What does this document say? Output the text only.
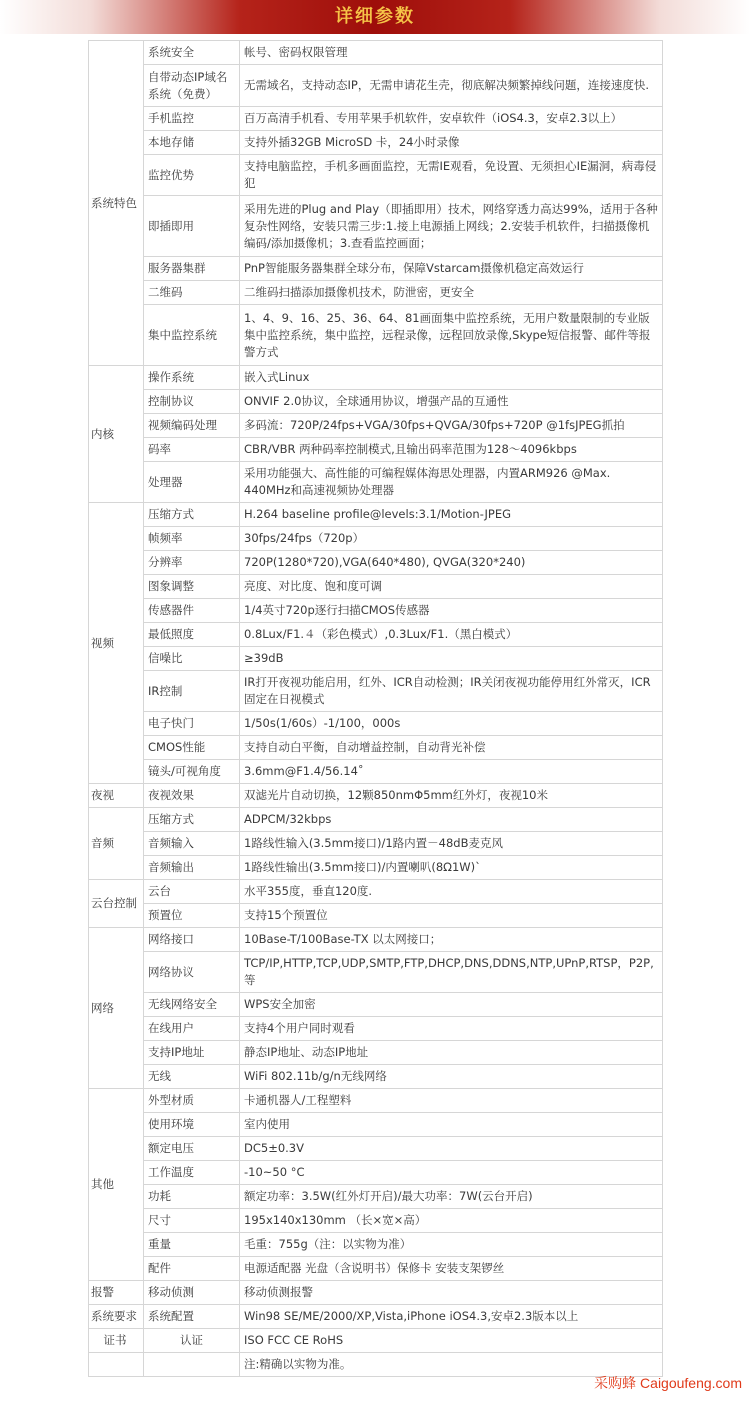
详细参数
系统特色	系统安全	帐号、密码权限管理
	自带动态IP域名系统（免费）	无需域名，支持动态IP，无需申请花生壳，彻底解决频繁掉线问题，连接速度快.
	手机监控	百万高清手机看、专用苹果手机软件，安卓软件（iOS4.3，安卓2.3以上）
	本地存储	支持外插32GB MicroSD 卡，24小时录像
	监控优势	支持电脑监控，手机多画面监控，无需IE观看，免设置、无须担心IE漏洞，病毒侵犯
	即插即用	采用先进的Plug and Play（即插即用）技术，网络穿透力高达99%，适用于各种复杂性网络，安装只需三步:1.接上电源插上网线；2.安装手机软件，扫描摄像机编码/添加摄像机；3.查看监控画面；
	服务器集群	PnP智能服务器集群全球分布，保障Vstarcam摄像机稳定高效运行
	二维码	二维码扫描添加摄像机技术，防泄密，更安全
	集中监控系统	1、4、9、16、25、36、64、81画面集中监控系统，无用户数量限制的专业版集中监控系统，集中监控，远程录像，远程回放录像,Skype短信报警、邮件等报警方式
内核	操作系统	嵌入式Linux
	控制协议	ONVIF 2.0协议，全球通用协议，增强产品的互通性
	视频编码处理	多码流：720P/24fps+VGA/30fps+QVGA/30fps+720P @1fsJPEG抓拍
	码率	CBR/VBR 两种码率控制模式,且输出码率范围为128～4096kbps
	处理器	采用功能强大、高性能的可编程媒体海思处理器，内置ARM926 @Max. 440MHz和高速视频协处理器
视频	压缩方式	H.264 baseline profile@levels:3.1/Motion-JPEG
	帧频率	30fps/24fps（720p）
	分辨率	720P(1280*720),VGA(640*480), QVGA(320*240)
	图象调整	亮度、对比度、饱和度可调
	传感器件	1/4英寸720p逐行扫描CMOS传感器
	最低照度	0.8Lux/F1.４（彩色模式）,0.3Lux/F1.（黑白模式）
	信噪比	≥39dB
	IR控制	IR打开夜视功能启用，红外、ICR自动检测；IR关闭夜视功能停用红外常灭，ICR固定在日视模式
	电子快门	1/50s(1/60s）-1/100，000s
	CMOS性能	支持自动白平衡，自动增益控制，自动背光补偿
	镜头/可视角度	3.6mm@F1.4/56.14˚
夜视	夜视效果	双滤光片自动切换，12颗850nmΦ5mm红外灯，夜视10米
音频	压缩方式	ADPCM/32kbps
	音频输入	1路线性输入(3.5mm接口)/1路内置－48dB麦克风
	音频输出	1路线性输出(3.5mm接口)/内置喇叭(8Ω1W)`
云台控制	云台	水平355度，垂直120度.
	预置位	支持15个预置位
网络	网络接口	10Base-T/100Base-TX 以太网接口；
	网络协议	TCP/IP,HTTP,TCP,UDP,SMTP,FTP,DHCP,DNS,DDNS,NTP,UPnP,RTSP，P2P,等
	无线网络安全	WPS安全加密
	在线用户	支持4个用户同时观看
	支持IP地址	静态IP地址、动态IP地址
	无线	WiFi 802.11b/g/n无线网络
其他	外型材质	卡通机器人/工程塑料
	使用环境	室内使用
	额定电压	DC5±0.3V
	工作温度	-10~50 °C
	功耗	额定功率：3.5W(红外灯开启)/最大功率：7W(云台开启)
	尺寸	195x140x130mm （长×宽×高）
	重量	毛重：755g（注：以实物为准）
	配件	电源适配器 光盘（含说明书）保修卡 安装支架锣丝
报警	移动侦测	移动侦测报警
系统要求	系统配置	Win98 SE/ME/2000/XP,Vista,iPhone iOS4.3,安卓2.3版本以上
证书	认证	ISO FCC CE RoHS
		注:精确以实物为准。
采购蜂 Caigoufeng.com
